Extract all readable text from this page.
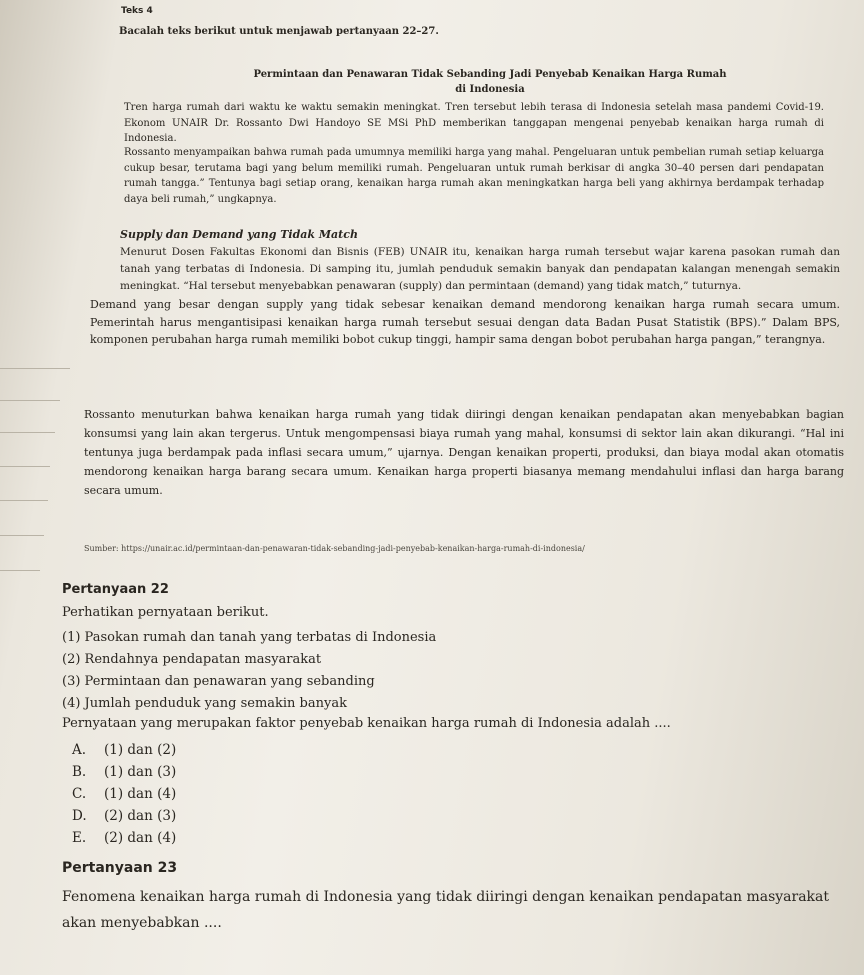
Teks 4
Bacalah teks berikut untuk menjawab pertanyaan 22–27.
Permintaan dan Penawaran Tidak Sebanding Jadi Penyebab Kenaikan Harga Rumah
di Indonesia
Tren harga rumah dari waktu ke waktu semakin meningkat. Tren tersebut lebih terasa di Indonesia setelah masa pandemi Covid-19. Ekonom UNAIR Dr. Rossanto Dwi Handoyo SE MSi PhD memberikan tanggapan mengenai penyebab kenaikan harga rumah di Indonesia.
Rossanto menyampaikan bahwa rumah pada umumnya memiliki harga yang mahal. Pengeluaran untuk pembelian rumah setiap keluarga cukup besar, terutama bagi yang belum memiliki rumah. Pengeluaran untuk rumah berkisar di angka 30–40 persen dari pendapatan rumah tangga.” Tentunya bagi setiap orang, kenaikan harga rumah akan meningkatkan harga beli yang akhirnya berdampak terhadap daya beli rumah,” ungkapnya.
Supply dan Demand yang Tidak Match
Menurut Dosen Fakultas Ekonomi dan Bisnis (FEB) UNAIR itu, kenaikan harga rumah tersebut wajar karena pasokan rumah dan tanah yang terbatas di Indonesia. Di samping itu, jumlah penduduk semakin banyak dan pendapatan kalangan menengah semakin meningkat. “Hal tersebut menyebabkan penawaran (supply) dan permintaan (demand) yang tidak match,” tuturnya.
Demand yang besar dengan supply yang tidak sebesar kenaikan demand mendorong kenaikan harga rumah secara umum. Pemerintah harus mengantisipasi kenaikan harga rumah tersebut sesuai dengan data Badan Pusat Statistik (BPS).” Dalam BPS, komponen perubahan harga rumah memiliki bobot cukup tinggi, hampir sama dengan bobot perubahan harga pangan,” terangnya.
Rossanto menuturkan bahwa kenaikan harga rumah yang tidak diiringi dengan kenaikan pendapatan akan menyebabkan bagian konsumsi yang lain akan tergerus. Untuk mengompensasi biaya rumah yang mahal, konsumsi di sektor lain akan dikurangi. “Hal ini tentunya juga berdampak pada inflasi secara umum,” ujarnya. Dengan kenaikan properti, produksi, dan biaya modal akan otomatis mendorong kenaikan harga barang secara umum. Kenaikan harga properti biasanya memang mendahului inflasi dan harga barang secara umum.
Sumber: https://unair.ac.id/permintaan-dan-penawaran-tidak-sebanding-jadi-penyebab-kenaikan-harga-rumah-di-indonesia/
Pertanyaan 22
Perhatikan pernyataan berikut.
(1) Pasokan rumah dan tanah yang terbatas di Indonesia
(2) Rendahnya pendapatan masyarakat
(3) Permintaan dan penawaran yang sebanding
(4) Jumlah penduduk yang semakin banyak
Pernyataan yang merupakan faktor penyebab kenaikan harga rumah di Indonesia adalah ....
A.	(1) dan (2)
B.	(1) dan (3)
C.	(1) dan (4)
D.	(2) dan (3)
E.	(2) dan (4)
Pertanyaan 23
Fenomena kenaikan harga rumah di Indonesia yang tidak diiringi dengan kenaikan pendapatan masyarakat akan menyebabkan ....
